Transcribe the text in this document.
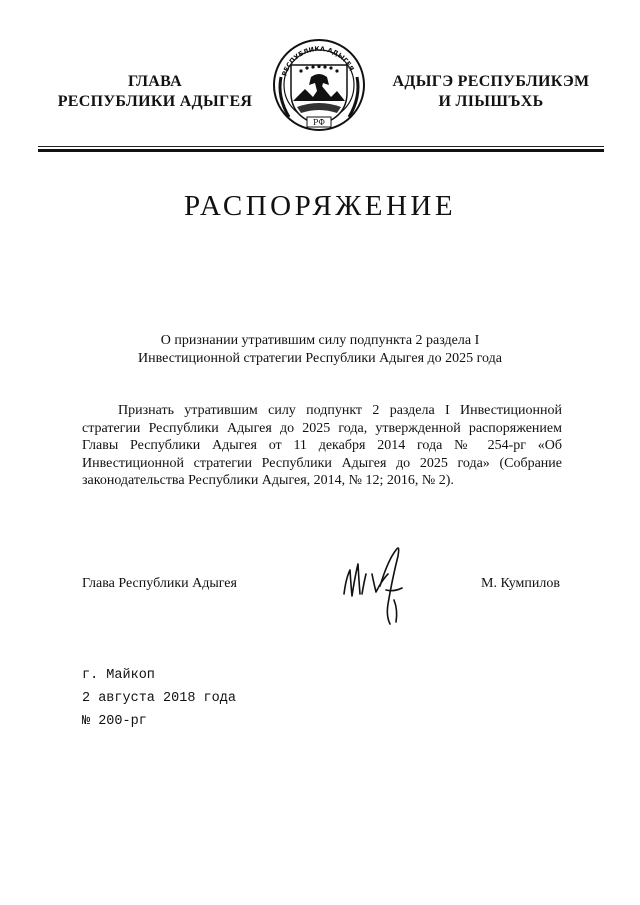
ГЛАВА
РЕСПУБЛИКИ АДЫГЕЯ
РФ
РЕСПУБЛИКА АДЫГЕЯ
АДЫГЭ РЕСПУБЛИКЭМ
И ЛІЫШЪХЬ
РАСПОРЯЖЕНИЕ
О признании утратившим силу подпункта 2 раздела I
Инвестиционной стратегии Республики Адыгея до 2025 года
Признать утратившим силу подпункт 2 раздела I Инвестиционной стратегии Республики Адыгея до 2025 года, утвержденной распоряжением Главы Республики Адыгея от 11 декабря 2014 года № 254-рг «Об Инвестиционной стратегии Республики Адыгея до 2025 года» (Собрание законодательства Республики Адыгея, 2014, № 12; 2016, № 2).
Глава Республики Адыгея	М. Кумпилов
г. Майкоп
2 августа 2018 года
№ 200-рг
